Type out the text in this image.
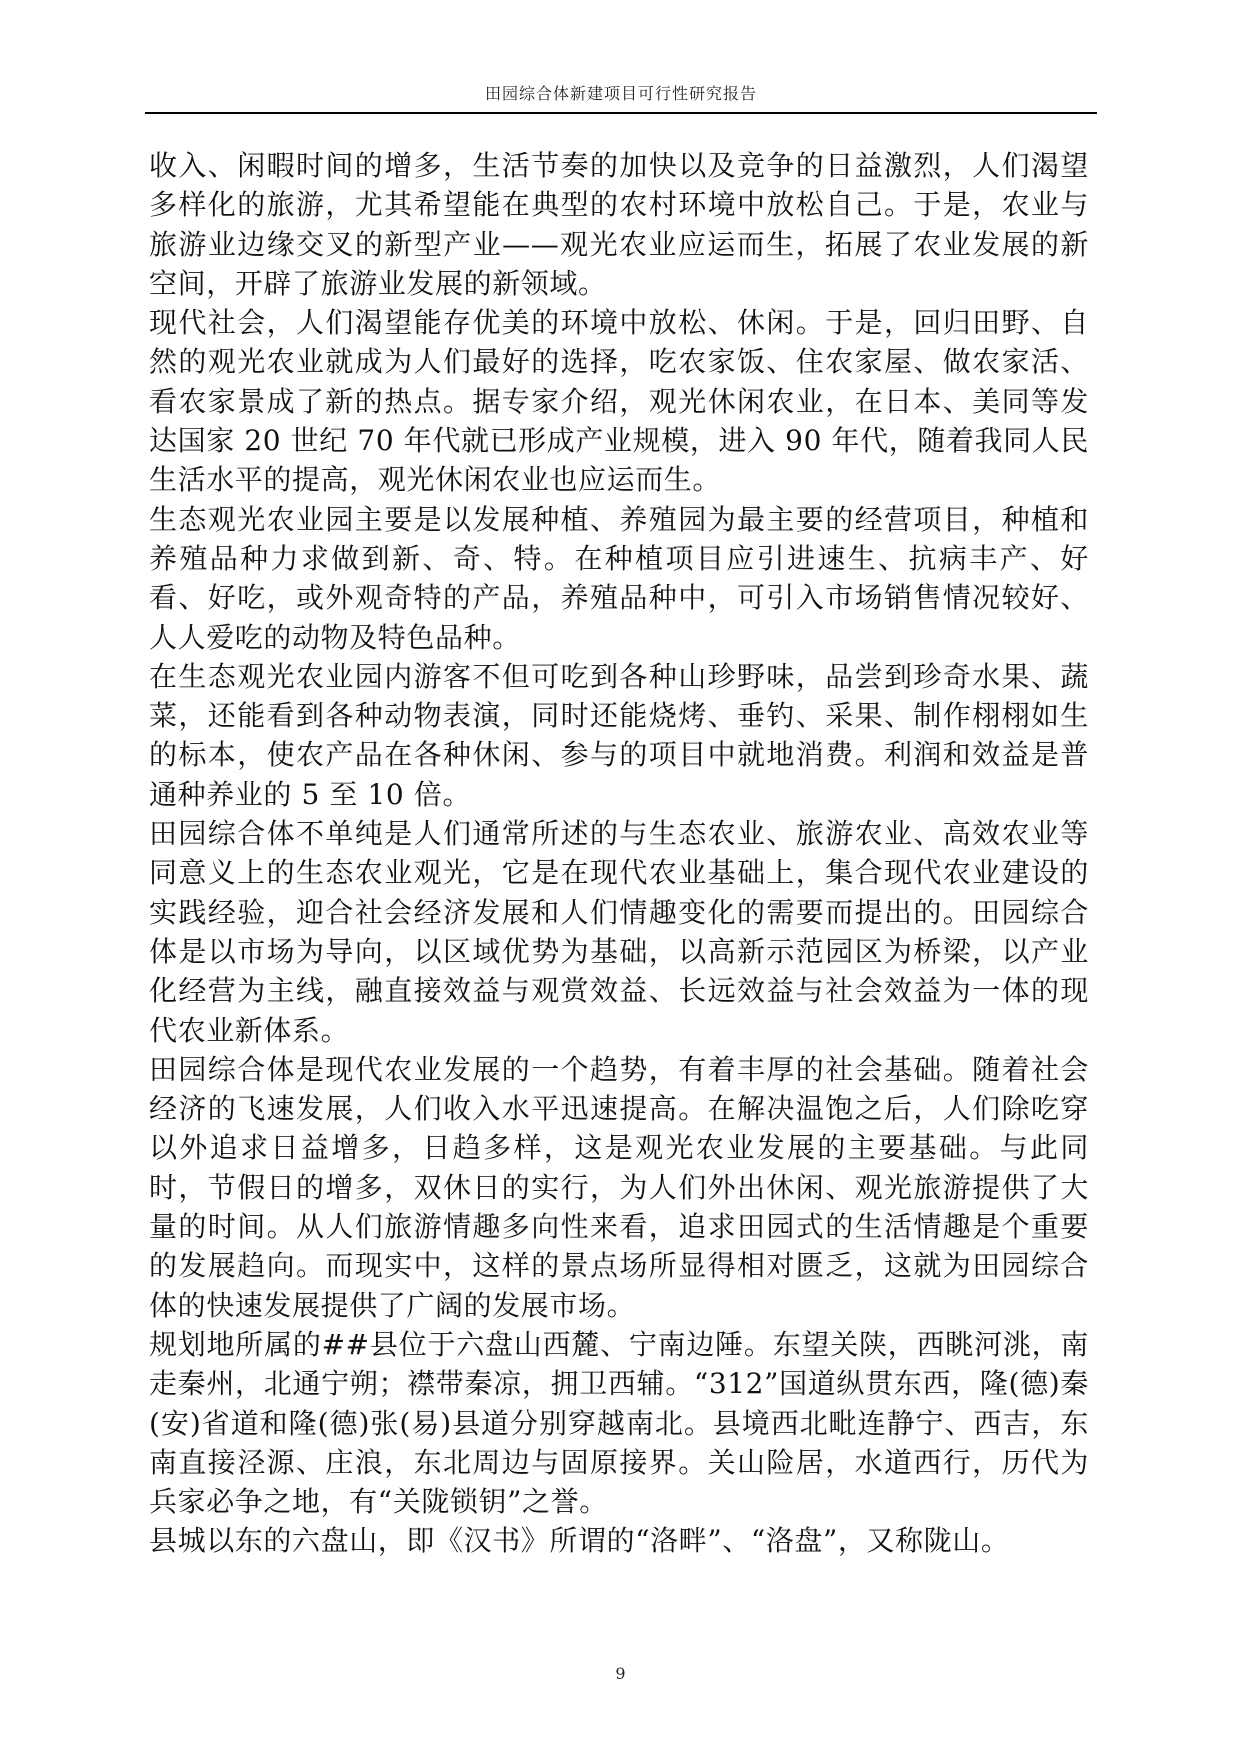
田园综合体新建项目可行性研究报告

收入、闲暇时间的增多，生活节奏的加快以及竞争的日益激烈，人们渴望多样化的旅游，尤其希望能在典型的农村环境中放松自己。于是，农业与旅游业边缘交叉的新型产业——观光农业应运而生，拓展了农业发展的新空间，开辟了旅游业发展的新领域。

现代社会，人们渴望能存优美的环境中放松、休闲。于是，回归田野、自然的观光农业就成为人们最好的选择，吃农家饭、住农家屋、做农家活、看农家景成了新的热点。据专家介绍，观光休闲农业，在日本、美同等发达国家 20 世纪 70 年代就已形成产业规模，进入 90 年代，随着我同人民生活水平的提高，观光休闲农业也应运而生。

生态观光农业园主要是以发展种植、养殖园为最主要的经营项目，种植和养殖品种力求做到新、奇、特。在种植项目应引进速生、抗病丰产、好看、好吃，或外观奇特的产品，养殖品种中，可引入市场销售情况较好、人人爱吃的动物及特色品种。

在生态观光农业园内游客不但可吃到各种山珍野味，品尝到珍奇水果、蔬菜，还能看到各种动物表演，同时还能烧烤、垂钓、采果、制作栩栩如生的标本，使农产品在各种休闲、参与的项目中就地消费。利润和效益是普通种养业的 5 至 10 倍。

田园综合体不单纯是人们通常所述的与生态农业、旅游农业、高效农业等同意义上的生态农业观光，它是在现代农业基础上，集合现代农业建设的实践经验，迎合社会经济发展和人们情趣变化的需要而提出的。田园综合体是以市场为导向，以区域优势为基础，以高新示范园区为桥梁，以产业化经营为主线，融直接效益与观赏效益、长远效益与社会效益为一体的现代农业新体系。

田园综合体是现代农业发展的一个趋势，有着丰厚的社会基础。随着社会经济的飞速发展，人们收入水平迅速提高。在解决温饱之后，人们除吃穿以外追求日益增多，日趋多样，这是观光农业发展的主要基础。与此同时，节假日的增多，双休日的实行，为人们外出休闲、观光旅游提供了大量的时间。从人们旅游情趣多向性来看，追求田园式的生活情趣是个重要的发展趋向。而现实中，这样的景点场所显得相对匮乏，这就为田园综合体的快速发展提供了广阔的发展市场。

规划地所属的##县位于六盘山西麓、宁南边陲。东望关陕，西眺河洮，南走秦州，北通宁朔；襟带秦凉，拥卫西辅。“312”国道纵贯东西，隆(德)秦(安)省道和隆(德)张(易)县道分别穿越南北。县境西北毗连静宁、西吉，东南直接泾源、庄浪，东北周边与固原接界。关山险居，水道西行，历代为兵家必争之地，有“关陇锁钥”之誉。

县城以东的六盘山，即《汉书》所谓的“洛畔”、“洛盘”，又称陇山。

9
